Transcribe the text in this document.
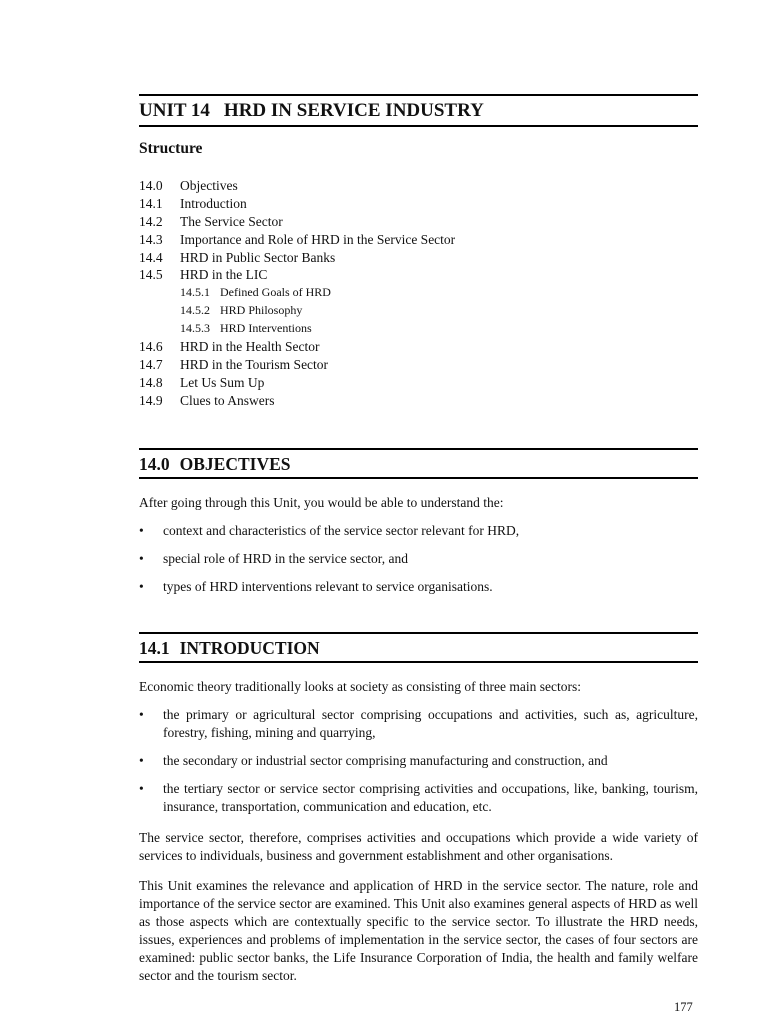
UNIT 14 HRD IN SERVICE INDUSTRY
Structure
14.0 Objectives
14.1 Introduction
14.2 The Service Sector
14.3 Importance and Role of HRD in the Service Sector
14.4 HRD in Public Sector Banks
14.5 HRD in the LIC
14.5.1 Defined Goals of HRD
14.5.2 HRD Philosophy
14.5.3 HRD Interventions
14.6 HRD in the Health Sector
14.7 HRD in the Tourism Sector
14.8 Let Us Sum Up
14.9 Clues to Answers
14.0 OBJECTIVES
After going through this Unit, you would be able to understand the:
•	context and characteristics of the service sector relevant for HRD,
•	special role of HRD in the service sector, and
•	types of HRD interventions relevant to service organisations.
14.1 INTRODUCTION
Economic theory traditionally looks at society as consisting of three main sectors:
•	the primary or agricultural sector comprising occupations and activities, such as, agriculture, forestry, fishing, mining and quarrying,
•	the secondary or industrial sector comprising manufacturing and construction, and
•	the tertiary sector or service sector comprising activities and occupations, like, banking, tourism, insurance, transportation, communication and education, etc.
The service sector, therefore, comprises activities and occupations which provide a wide variety of services to individuals, business and government establishment and other organisations.
This Unit examines the relevance and application of HRD in the service sector. The nature, role and importance of the service sector are examined. This Unit also examines general aspects of HRD as well as those aspects which are contextually specific to the service sector. To illustrate the HRD needs, issues, experiences and problems of implementation in the service sector, the cases of four sectors are examined: public sector banks, the Life Insurance Corporation of India, the health and family welfare sector and the tourism sector.
177
